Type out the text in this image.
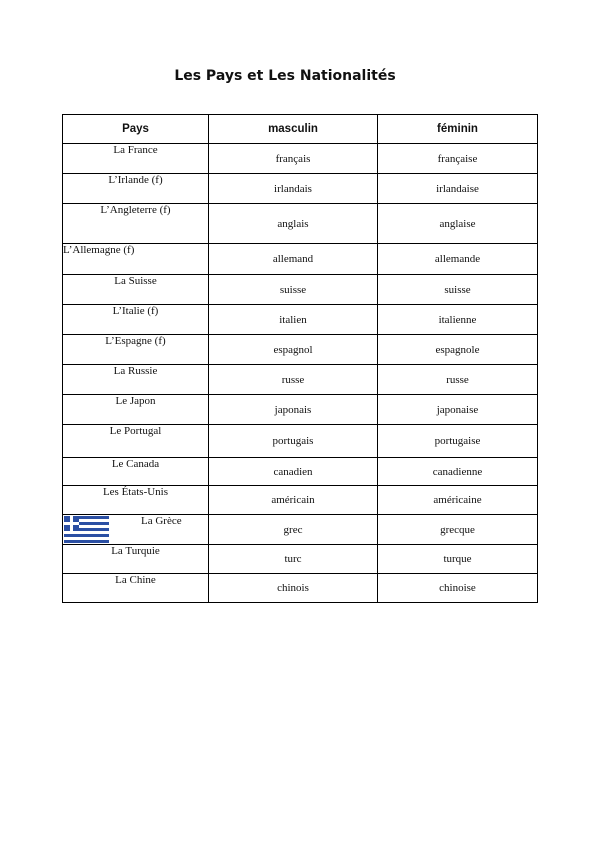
Les Pays et Les Nationalités
Pays	masculin	féminin
La France	français	française
L’Irlande (f)	irlandais	irlandaise
L’Angleterre (f)	anglais	anglaise
L’Allemagne (f)	allemand	allemande
La Suisse	suisse	suisse
L’Italie (f)	italien	italienne
L’Espagne (f)	espagnol	espagnole
La Russie	russe	russe
Le Japon	japonais	japonaise
Le Portugal	portugais	portugaise
Le Canada	canadien	canadienne
Les États-Unis	américain	américaine

La Grèce	grec	grecque
La Turquie	turc	turque
La Chine	chinois	chinoise
